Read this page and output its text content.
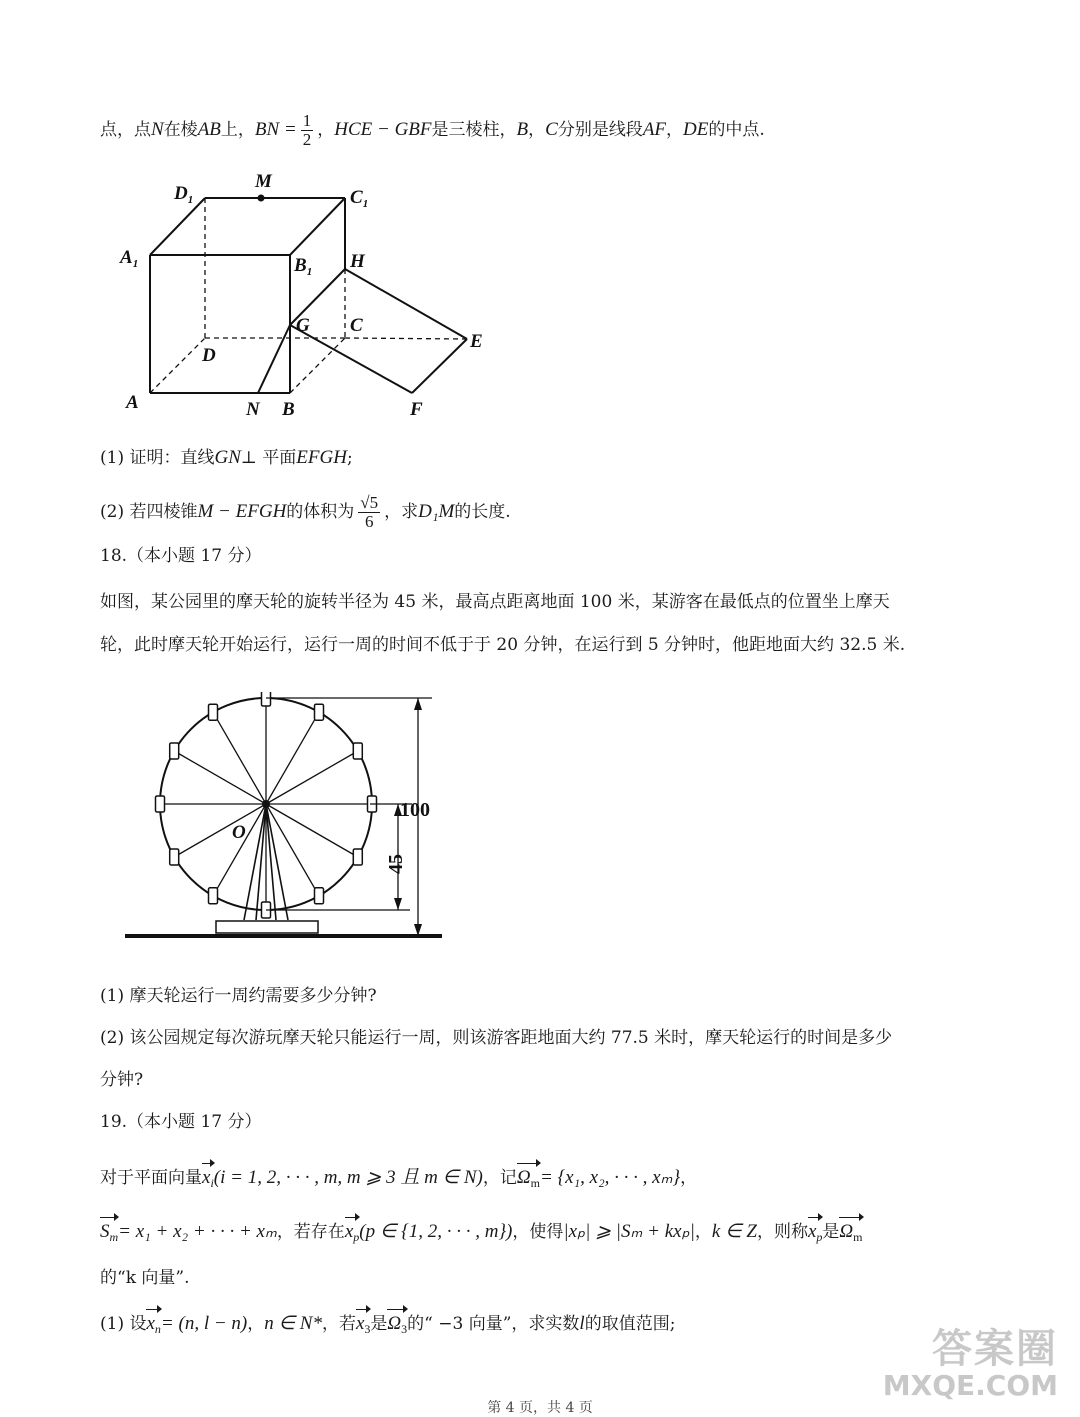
点，点N在棱AB上，BN = $\frac{1}{2}$ ，HCE − GBF是三棱柱，B，C分别是线段AF，DE的中点.
$D_1$
M
$C_1$
$A_1$	$B_1$ H
G C
E
D
A	N B	F
(1) 证明：直线GN⊥ 平面EFGH;
(2) 若四棱锥M − EFGH的体积为 $\frac{√5}{6}$ ，求D₁M的长度.
18.（本小题 17 分）
如图，某公园里的摩天轮的旋转半径为 45 米，最高点距离地面 100 米，某游客在最低点的位置坐上摩天
轮，此时摩天轮开始运行，运行一周的时间不低于于 20 分钟，在运行到 5 分钟时，他距地面大约 32.5 米.
100
45
O
(1) 摩天轮运行一周约需要多少分钟?
(2) 该公园规定每次游玩摩天轮只能运行一周，则该游客距地面大约 77.5 米时，摩天轮运行的时间是多少
分钟?
19.（本小题 17 分）
对于平面向量$x_i(i = 1$, 2, · · · , m, m ⩾ 3 且 m ∈ N)，记$\Omega_m= \{x_1$, x₂, · · · , xₘ}，
$S_m= x_1 + x_2$ + · · · + xₘ，若存在$x_p(p$ ∈ {1, 2, · · · , m})，使得|xₚ| ⩾ |Sₘ + kxₚ|，k ∈ Z，则称$x_p$是$\Omega_m$
的“k 向量”.
(1) 设$x_n= (n$, l − n)，n ∈ N*，若$x_3$是$\Omega_3$的“ −3 向量”，求实数l的取值范围;
答案圈
MXQE.COM
第 4 页，共 4 页
